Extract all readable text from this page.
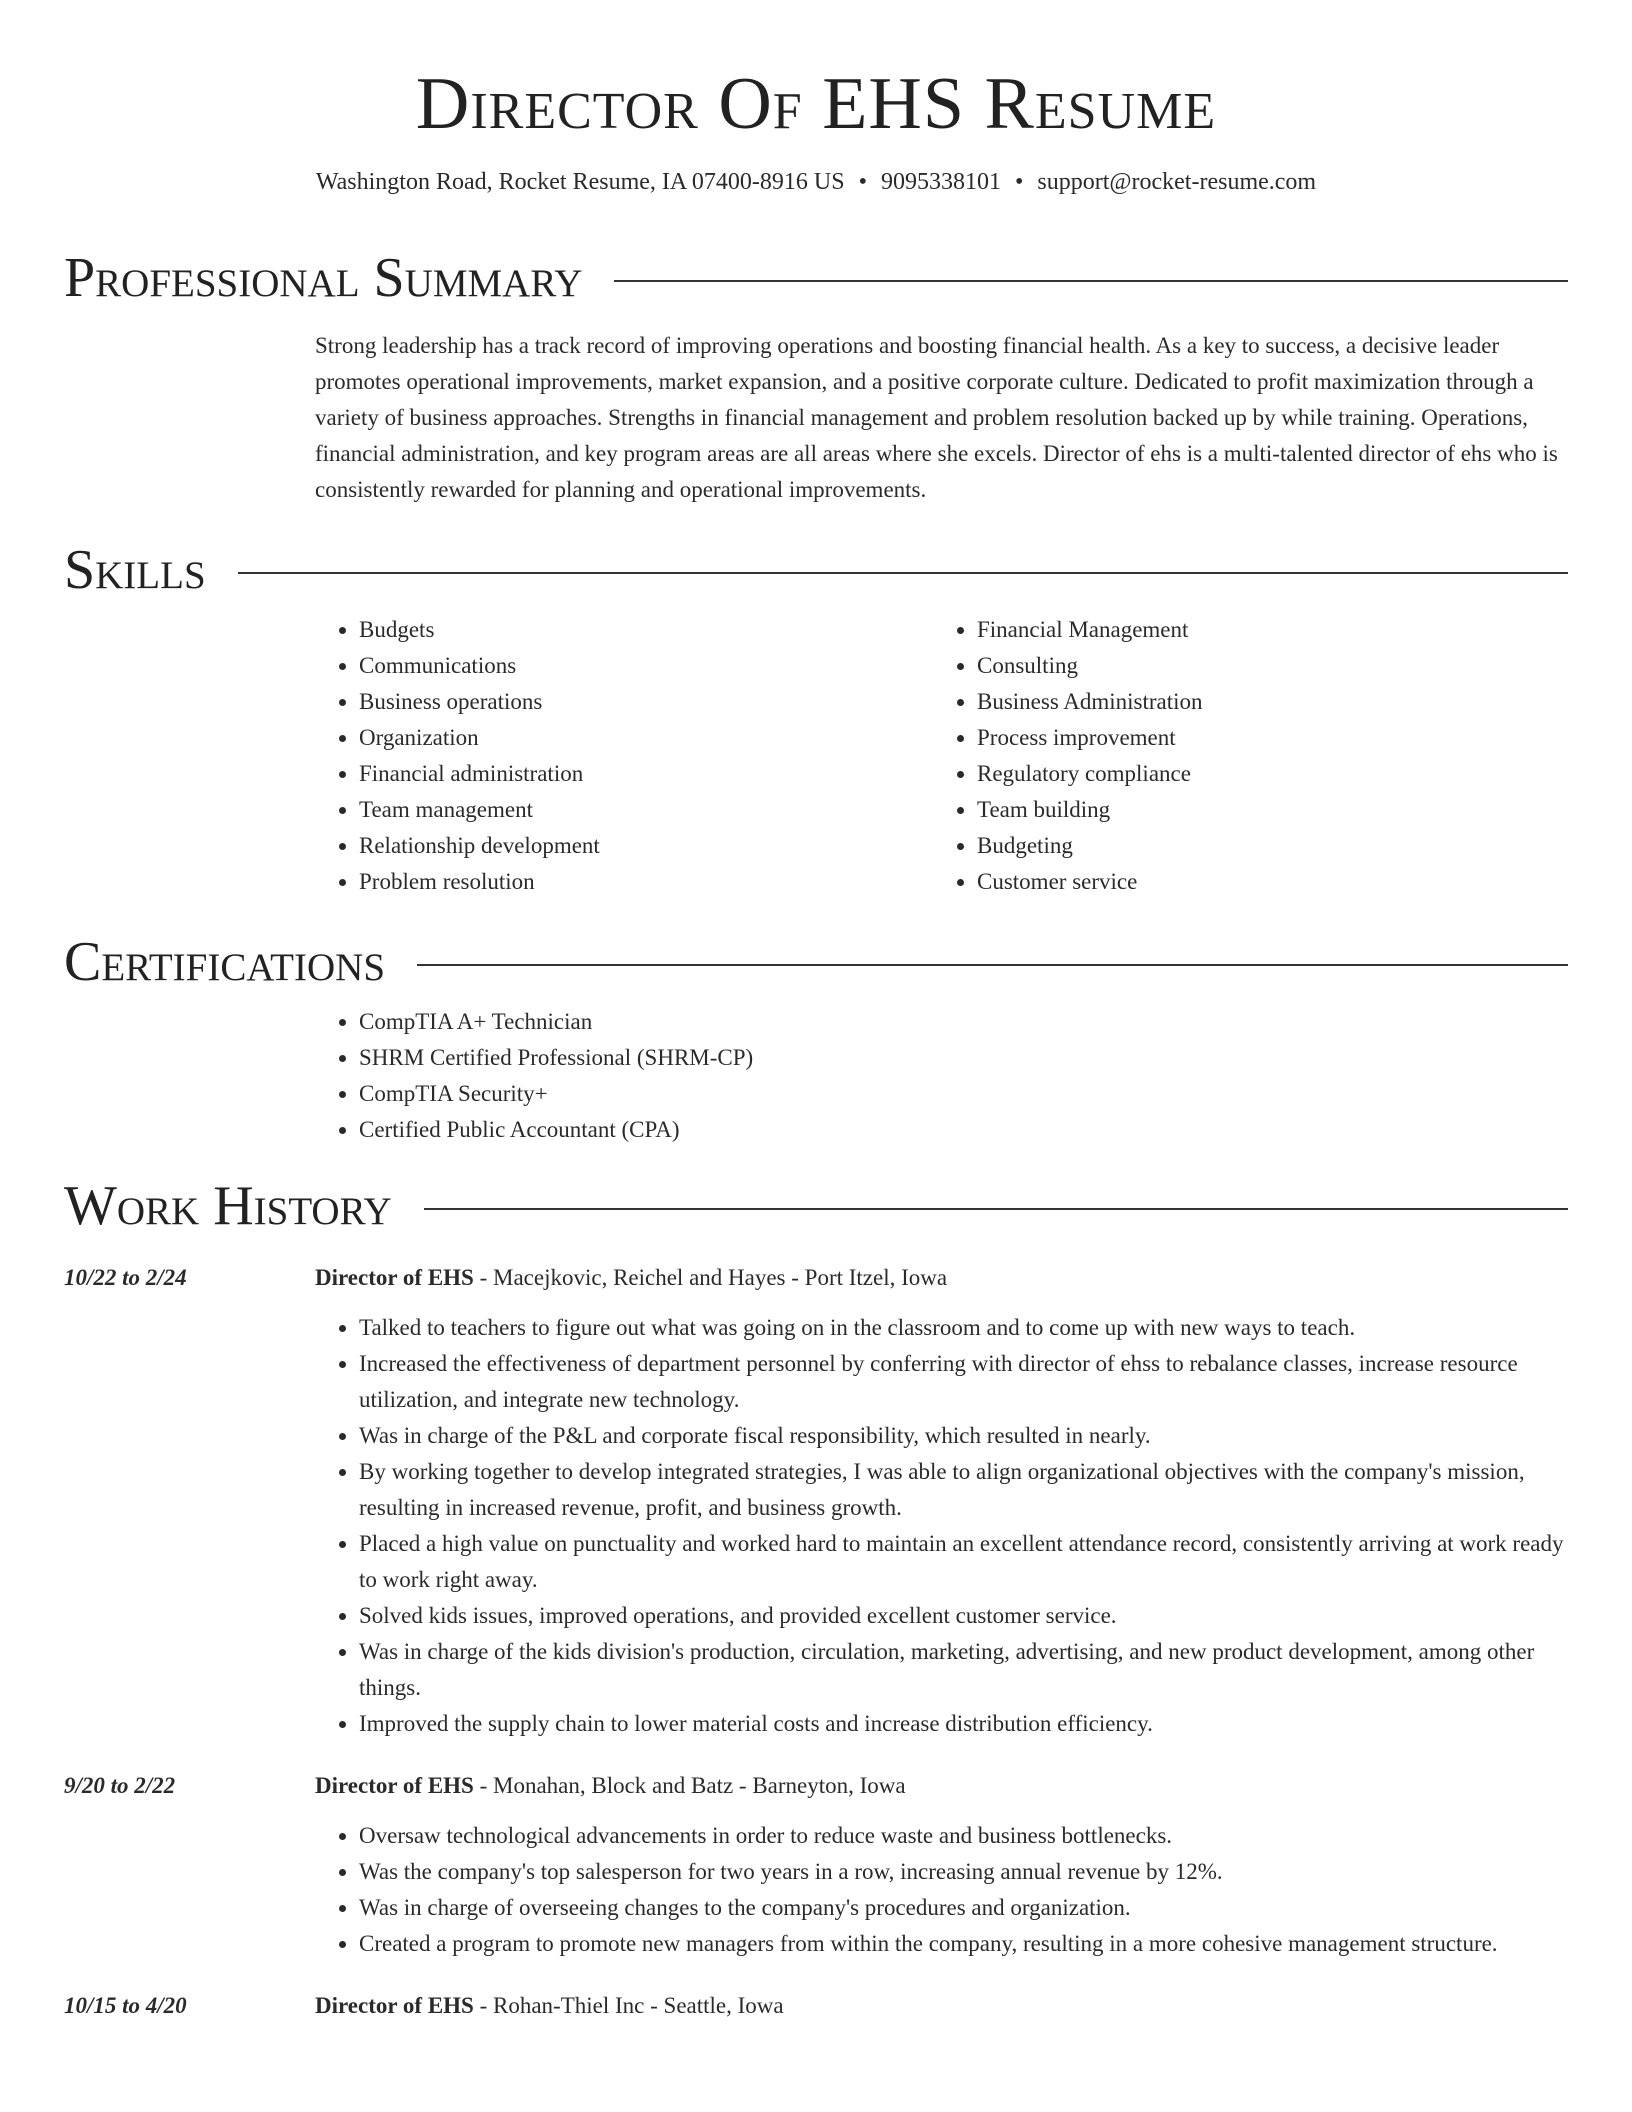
Director Of EHS Resume
Washington Road, Rocket Resume, IA 07400-8916 US • 9095338101 • support@rocket-resume.com
Professional Summary
Strong leadership has a track record of improving operations and boosting financial health. As a key to success, a decisive leader promotes operational improvements, market expansion, and a positive corporate culture. Dedicated to profit maximization through a variety of business approaches. Strengths in financial management and problem resolution backed up by while training. Operations, financial administration, and key program areas are all areas where she excels. Director of ehs is a multi-talented director of ehs who is consistently rewarded for planning and operational improvements.
Skills
• Budgets
• Communications
• Business operations
• Organization
• Financial administration
• Team management
• Relationship development
• Problem resolution
• Financial Management
• Consulting
• Business Administration
• Process improvement
• Regulatory compliance
• Team building
• Budgeting
• Customer service
Certifications
• CompTIA A+ Technician
• SHRM Certified Professional (SHRM-CP)
• CompTIA Security+
• Certified Public Accountant (CPA)
Work History
10/22 to 2/24	Director of EHS - Macejkovic, Reichel and Hayes - Port Itzel, Iowa
• Talked to teachers to figure out what was going on in the classroom and to come up with new ways to teach.
• Increased the effectiveness of department personnel by conferring with director of ehss to rebalance classes, increase resource utilization, and integrate new technology.
• Was in charge of the P&L and corporate fiscal responsibility, which resulted in nearly.
• By working together to develop integrated strategies, I was able to align organizational objectives with the company's mission, resulting in increased revenue, profit, and business growth.
• Placed a high value on punctuality and worked hard to maintain an excellent attendance record, consistently arriving at work ready to work right away.
• Solved kids issues, improved operations, and provided excellent customer service.
• Was in charge of the kids division's production, circulation, marketing, advertising, and new product development, among other things.
• Improved the supply chain to lower material costs and increase distribution efficiency.
9/20 to 2/22	Director of EHS - Monahan, Block and Batz - Barneyton, Iowa
• Oversaw technological advancements in order to reduce waste and business bottlenecks.
• Was the company's top salesperson for two years in a row, increasing annual revenue by 12%.
• Was in charge of overseeing changes to the company's procedures and organization.
• Created a program to promote new managers from within the company, resulting in a more cohesive management structure.
10/15 to 4/20	Director of EHS - Rohan-Thiel Inc - Seattle, Iowa
